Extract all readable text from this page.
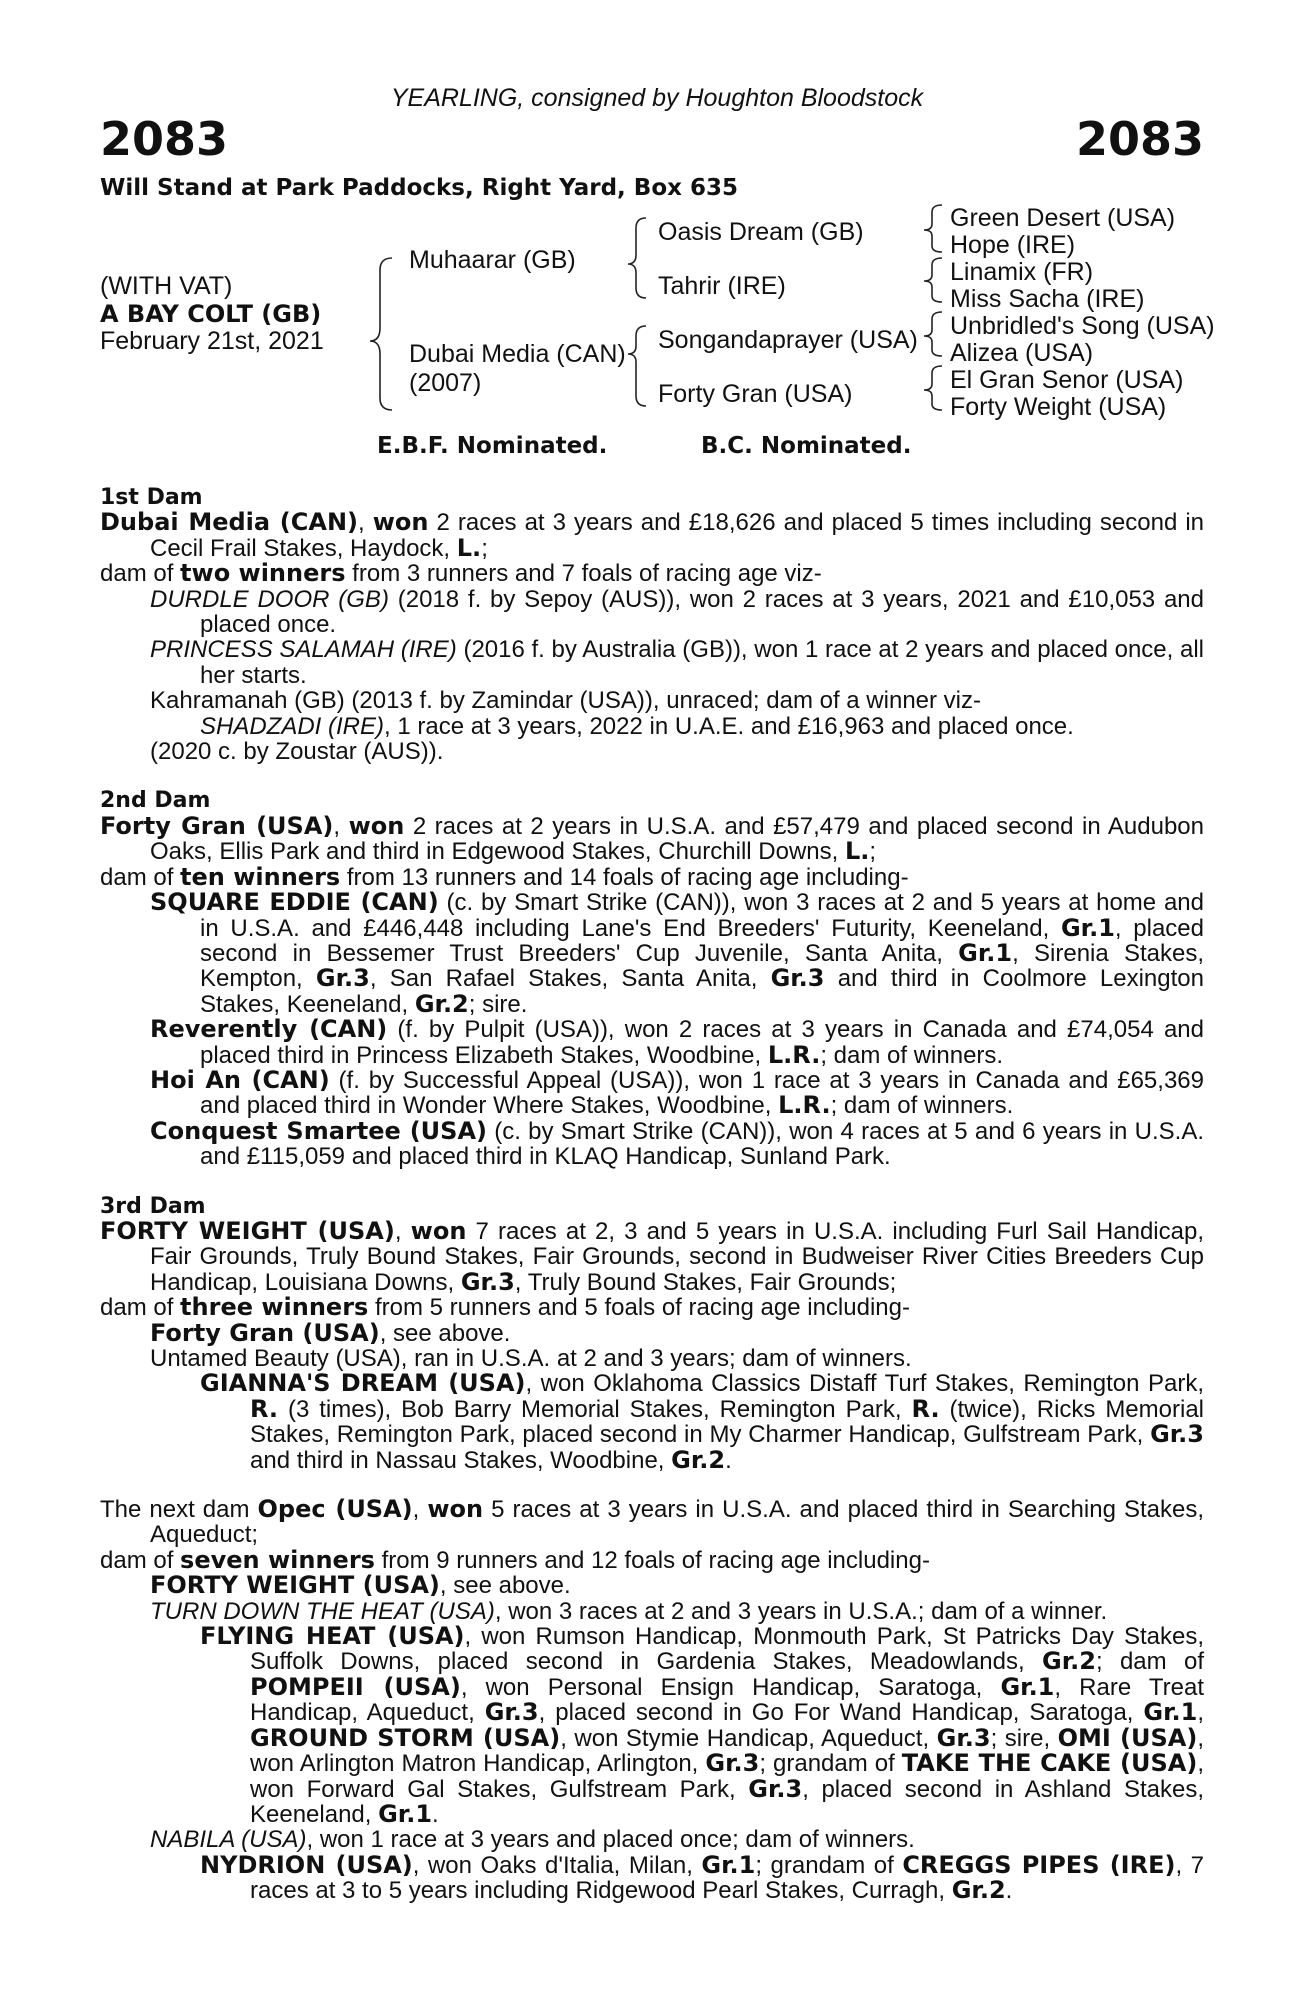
YEARLING, consigned by Houghton Bloodstock
2083	2083
Will Stand at Park Paddocks, Right Yard, Box 635
(WITH VAT)
A BAY COLT (GB)
February 21st, 2021
Muhaarar (GB)
Dubai Media (CAN)
(2007)
Oasis Dream (GB)
Tahrir (IRE)
Songandaprayer (USA)
Forty Gran (USA)
Green Desert (USA)
Hope (IRE)
Linamix (FR)
Miss Sacha (IRE)
Unbridled's Song (USA)
Alizea (USA)
El Gran Senor (USA)
Forty Weight (USA)
E.B.F. Nominated.	B.C. Nominated.

1st Dam

Dubai Media (CAN), won 2 races at 3 years and £18,626 and placed 5 times including second in Cecil Frail Stakes, Haydock, L.;

dam of two winners from 3 runners and 7 foals of racing age viz-

DURDLE DOOR (GB) (2018 f. by Sepoy (AUS)), won 2 races at 3 years, 2021 and £10,053 and placed once.

PRINCESS SALAMAH (IRE) (2016 f. by Australia (GB)), won 1 race at 2 years and placed once, all her starts.

Kahramanah (GB) (2013 f. by Zamindar (USA)), unraced; dam of a winner viz-

SHADZADI (IRE), 1 race at 3 years, 2022 in U.A.E. and £16,963 and placed once.

(2020 c. by Zoustar (AUS)).

2nd Dam

Forty Gran (USA), won 2 races at 2 years in U.S.A. and £57,479 and placed second in Audubon Oaks, Ellis Park and third in Edgewood Stakes, Churchill Downs, L.;

dam of ten winners from 13 runners and 14 foals of racing age including-

SQUARE EDDIE (CAN) (c. by Smart Strike (CAN)), won 3 races at 2 and 5 years at home and in U.S.A. and £446,448 including Lane's End Breeders' Futurity, Keeneland, Gr.1, placed second in Bessemer Trust Breeders' Cup Juvenile, Santa Anita, Gr.1, Sirenia Stakes, Kempton, Gr.3, San Rafael Stakes, Santa Anita, Gr.3 and third in Coolmore Lexington Stakes, Keeneland, Gr.2; sire.

Reverently (CAN) (f. by Pulpit (USA)), won 2 races at 3 years in Canada and £74,054 and placed third in Princess Elizabeth Stakes, Woodbine, L.R.; dam of winners.

Hoi An (CAN) (f. by Successful Appeal (USA)), won 1 race at 3 years in Canada and £65,369 and placed third in Wonder Where Stakes, Woodbine, L.R.; dam of winners.

Conquest Smartee (USA) (c. by Smart Strike (CAN)), won 4 races at 5 and 6 years in U.S.A. and £115,059 and placed third in KLAQ Handicap, Sunland Park.

3rd Dam

FORTY WEIGHT (USA), won 7 races at 2, 3 and 5 years in U.S.A. including Furl Sail Handicap, Fair Grounds, Truly Bound Stakes, Fair Grounds, second in Budweiser River Cities Breeders Cup Handicap, Louisiana Downs, Gr.3, Truly Bound Stakes, Fair Grounds;

dam of three winners from 5 runners and 5 foals of racing age including-

Forty Gran (USA), see above.

Untamed Beauty (USA), ran in U.S.A. at 2 and 3 years; dam of winners.

GIANNA'S DREAM (USA), won Oklahoma Classics Distaff Turf Stakes, Remington Park, R. (3 times), Bob Barry Memorial Stakes, Remington Park, R. (twice), Ricks Memorial Stakes, Remington Park, placed second in My Charmer Handicap, Gulfstream Park, Gr.3 and third in Nassau Stakes, Woodbine, Gr.2.

The next dam Opec (USA), won 5 races at 3 years in U.S.A. and placed third in Searching Stakes, Aqueduct;

dam of seven winners from 9 runners and 12 foals of racing age including-

FORTY WEIGHT (USA), see above.

TURN DOWN THE HEAT (USA), won 3 races at 2 and 3 years in U.S.A.; dam of a winner.

FLYING HEAT (USA), won Rumson Handicap, Monmouth Park, St Patricks Day Stakes, Suffolk Downs, placed second in Gardenia Stakes, Meadowlands, Gr.2; dam of POMPEII (USA), won Personal Ensign Handicap, Saratoga, Gr.1, Rare Treat Handicap, Aqueduct, Gr.3, placed second in Go For Wand Handicap, Saratoga, Gr.1, GROUND STORM (USA), won Stymie Handicap, Aqueduct, Gr.3; sire, OMI (USA), won Arlington Matron Handicap, Arlington, Gr.3; grandam of TAKE THE CAKE (USA), won Forward Gal Stakes, Gulfstream Park, Gr.3, placed second in Ashland Stakes, Keeneland, Gr.1.

NABILA (USA), won 1 race at 3 years and placed once; dam of winners.

NYDRION (USA), won Oaks d'Italia, Milan, Gr.1; grandam of CREGGS PIPES (IRE), 7 races at 3 to 5 years including Ridgewood Pearl Stakes, Curragh, Gr.2.
